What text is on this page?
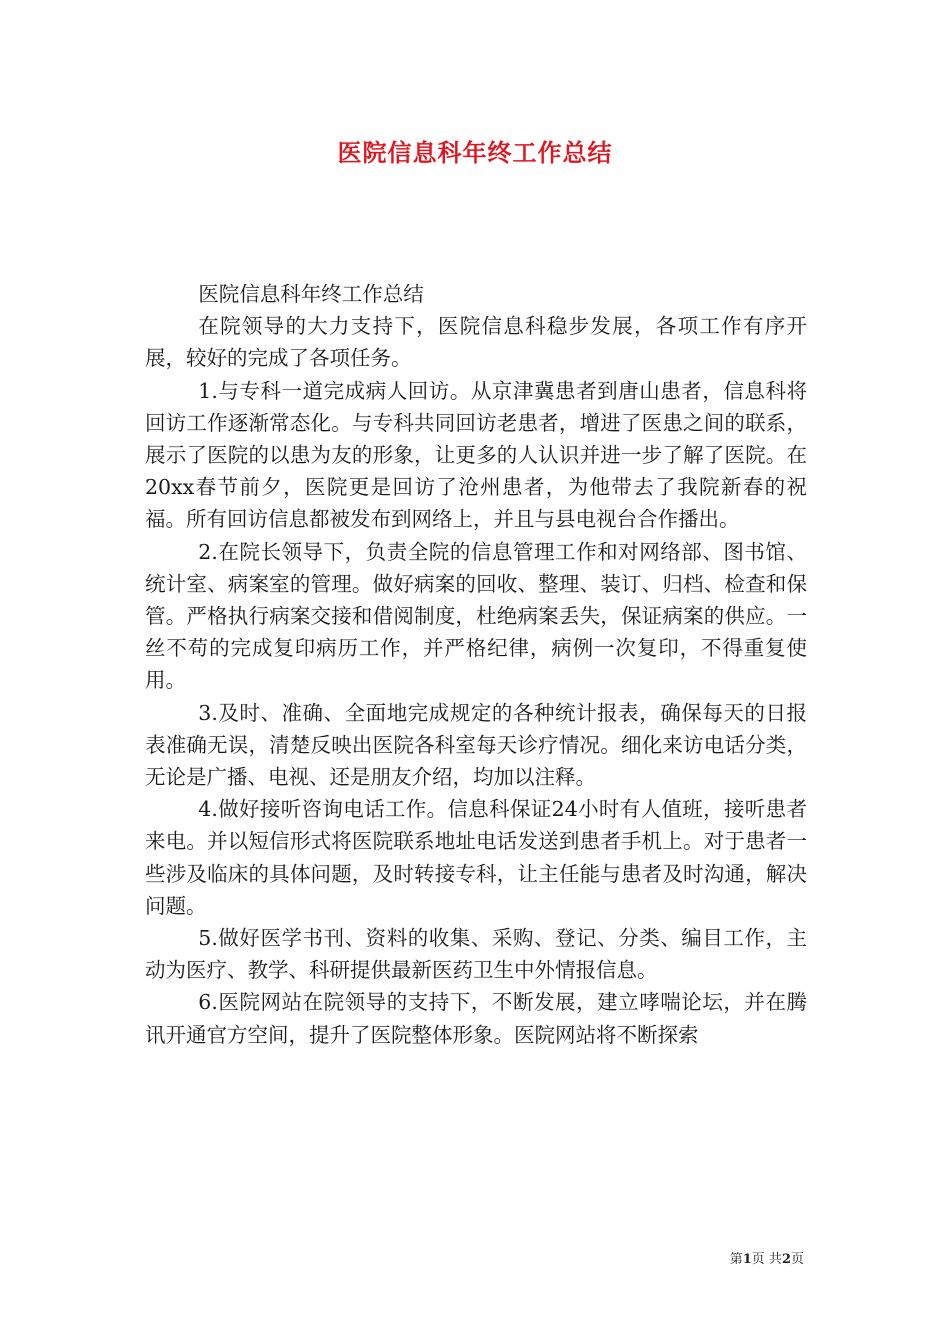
医院信息科年终工作总结

医院信息科年终工作总结

在院领导的大力支持下，医院信息科稳步发展，各项工作有序开展，较好的完成了各项任务。

1.与专科一道完成病人回访。从京津冀患者到唐山患者，信息科将回访工作逐渐常态化。与专科共同回访老患者，增进了医患之间的联系，展示了医院的以患为友的形象，让更多的人认识并进一步了解了医院。在20xx春节前夕，医院更是回访了沧州患者，为他带去了我院新春的祝福。所有回访信息都被发布到网络上，并且与县电视台合作播出。

2.在院长领导下，负责全院的信息管理工作和对网络部、图书馆、统计室、病案室的管理。做好病案的回收、整理、装订、归档、检查和保管。严格执行病案交接和借阅制度，杜绝病案丢失，保证病案的供应。一丝不苟的完成复印病历工作，并严格纪律，病例一次复印，不得重复使用。

3.及时、准确、全面地完成规定的各种统计报表，确保每天的日报表准确无误，清楚反映出医院各科室每天诊疗情况。细化来访电话分类，无论是广播、电视、还是朋友介绍，均加以注释。

4.做好接听咨询电话工作。信息科保证24小时有人值班，接听患者来电。并以短信形式将医院联系地址电话发送到患者手机上。对于患者一些涉及临床的具体问题，及时转接专科，让主任能与患者及时沟通，解决问题。

5.做好医学书刊、资料的收集、采购、登记、分类、编目工作，主动为医疗、教学、科研提供最新医药卫生中外情报信息。

6.医院网站在院领导的支持下，不断发展，建立哮喘论坛，并在腾讯开通官方空间，提升了医院整体形象。医院网站将不断探索

第1页 共2页
